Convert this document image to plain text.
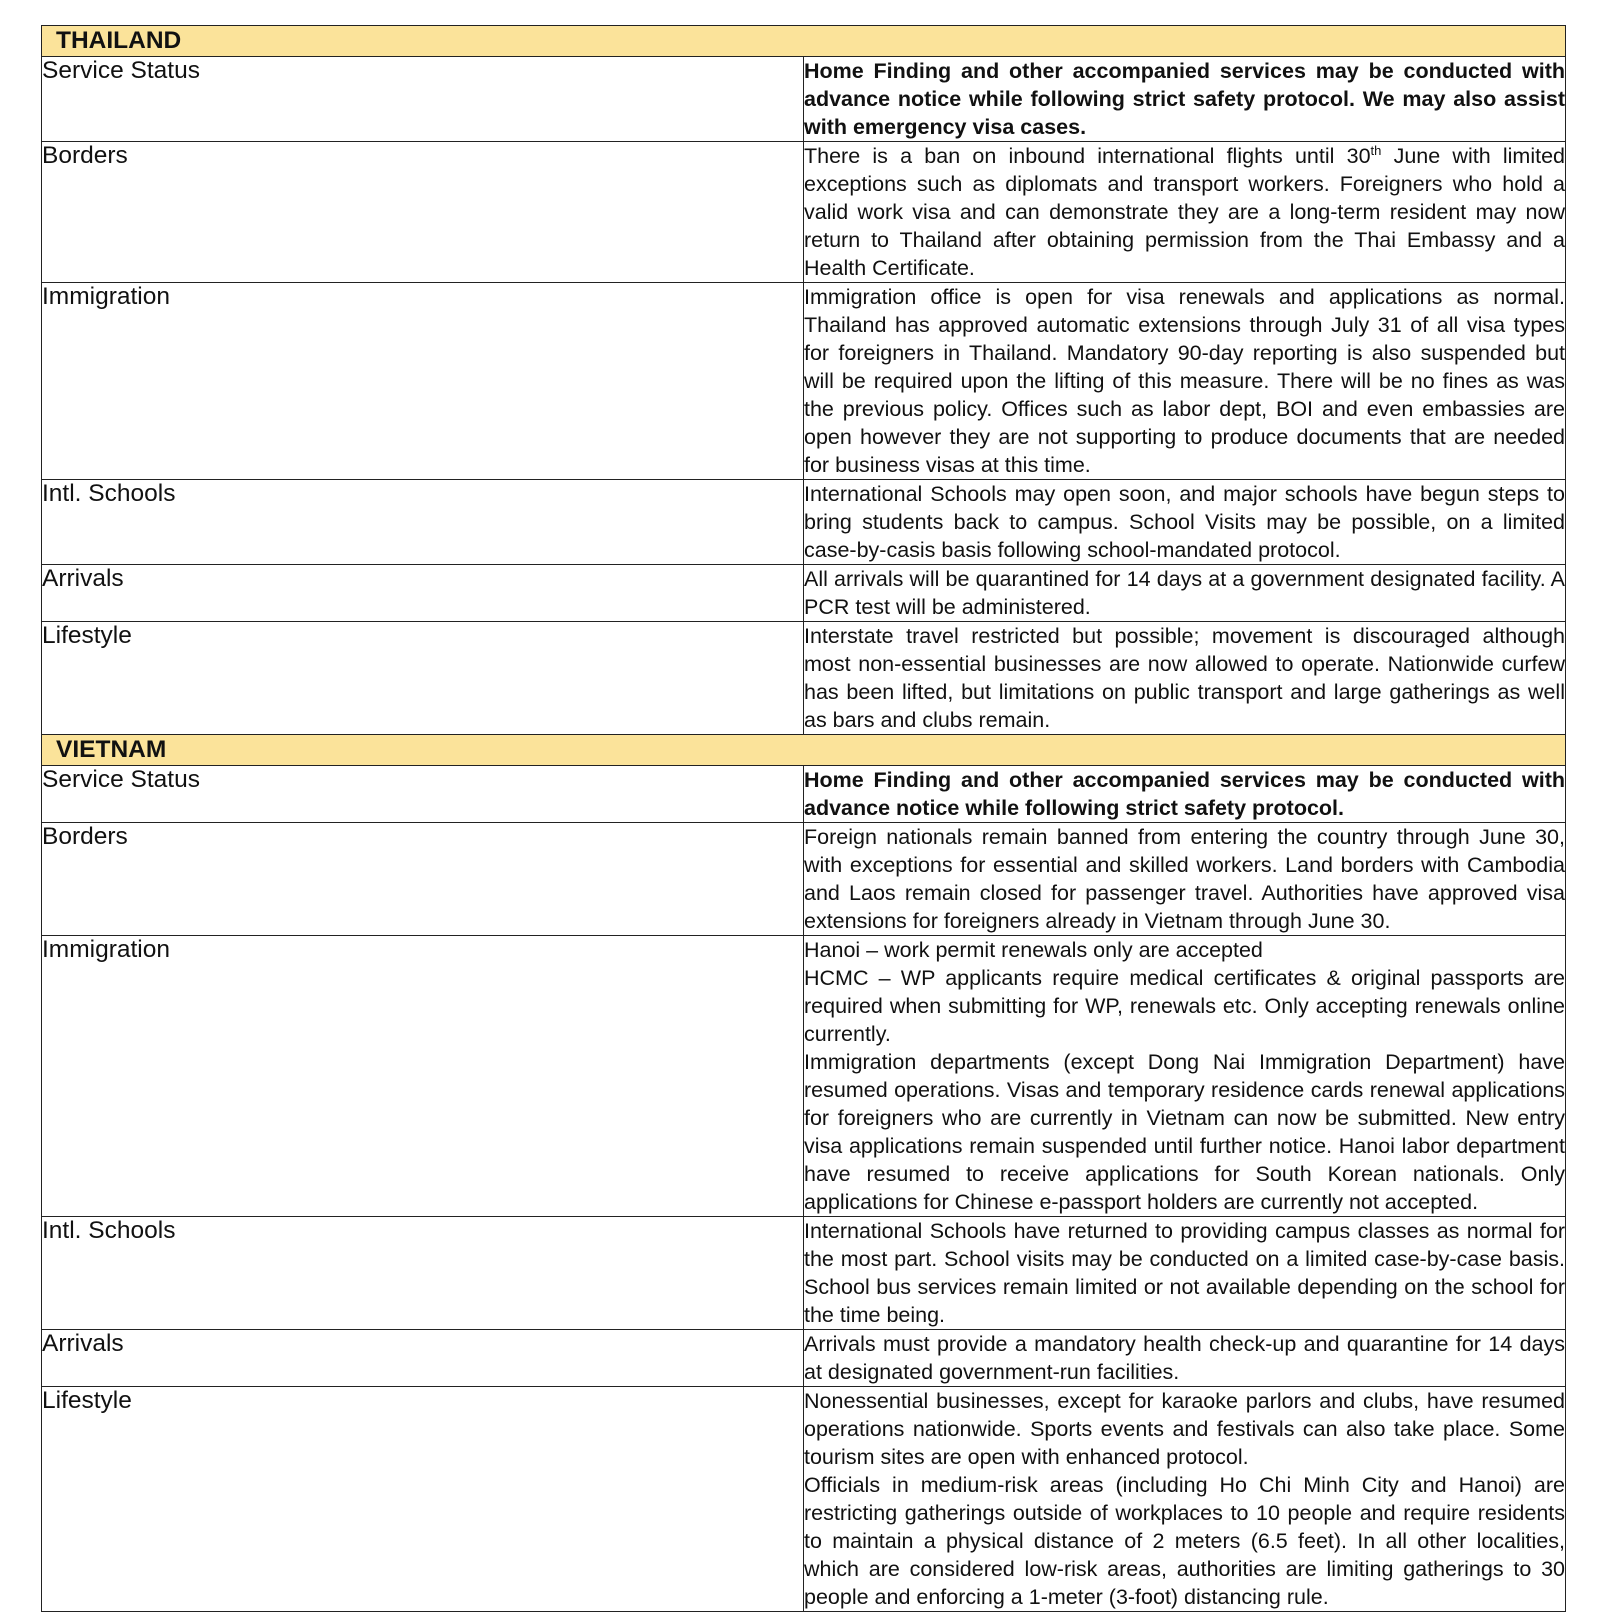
THAILAND	
Service Status	Home Finding and other accompanied services may be conducted with advance notice while following strict safety protocol. We may also assist with emergency visa cases.
Borders	There is a ban on inbound international flights until 30th June with limited exceptions such as diplomats and transport workers. Foreigners who hold a valid work visa and can demonstrate they are a long-term resident may now return to Thailand after obtaining permission from the Thai Embassy and a Health Certificate.
Immigration	Immigration office is open for visa renewals and applications as normal. Thailand has approved automatic extensions through July 31 of all visa types for foreigners in Thailand. Mandatory 90-day reporting is also suspended but will be required upon the lifting of this measure. There will be no fines as was the previous policy. Offices such as labor dept, BOI and even embassies are open however they are not supporting to produce documents that are needed for business visas at this time.
Intl. Schools	International Schools may open soon, and major schools have begun steps to bring students back to campus. School Visits may be possible, on a limited case-by-casis basis following school-mandated protocol.
Arrivals	All arrivals will be quarantined for 14 days at a government designated facility. A PCR test will be administered.
Lifestyle	Interstate travel restricted but possible; movement is discouraged although most non-essential businesses are now allowed to operate. Nationwide curfew has been lifted, but limitations on public transport and large gatherings as well as bars and clubs remain.
VIETNAM	
Service Status	Home Finding and other accompanied services may be conducted with advance notice while following strict safety protocol.
Borders	Foreign nationals remain banned from entering the country through June 30, with exceptions for essential and skilled workers. Land borders with Cambodia and Laos remain closed for passenger travel. Authorities have approved visa extensions for foreigners already in Vietnam through June 30.
Immigration	Hanoi – work permit renewals only are accepted
HCMC – WP applicants require medical certificates & original passports are required when submitting for WP, renewals etc. Only accepting renewals online currently.
Immigration departments (except Dong Nai Immigration Department) have resumed operations. Visas and temporary residence cards renewal applications for foreigners who are currently in Vietnam can now be submitted. New entry visa applications remain suspended until further notice. Hanoi labor department have resumed to receive applications for South Korean nationals. Only applications for Chinese e-passport holders are currently not accepted.

Intl. Schools	International Schools have returned to providing campus classes as normal for the most part. School visits may be conducted on a limited case-by-case basis. School bus services remain limited or not available depending on the school for the time being.
Arrivals	Arrivals must provide a mandatory health check-up and quarantine for 14 days at designated government-run facilities.
Lifestyle	Nonessential businesses, except for karaoke parlors and clubs, have resumed operations nationwide. Sports events and festivals can also take place. Some tourism sites are open with enhanced protocol.
Officials in medium-risk areas (including Ho Chi Minh City and Hanoi) are restricting gatherings outside of workplaces to 10 people and require residents to maintain a physical distance of 2 meters (6.5 feet). In all other localities, which are considered low-risk areas, authorities are limiting gatherings to 30 people and enforcing a 1-meter (3-foot) distancing rule.
